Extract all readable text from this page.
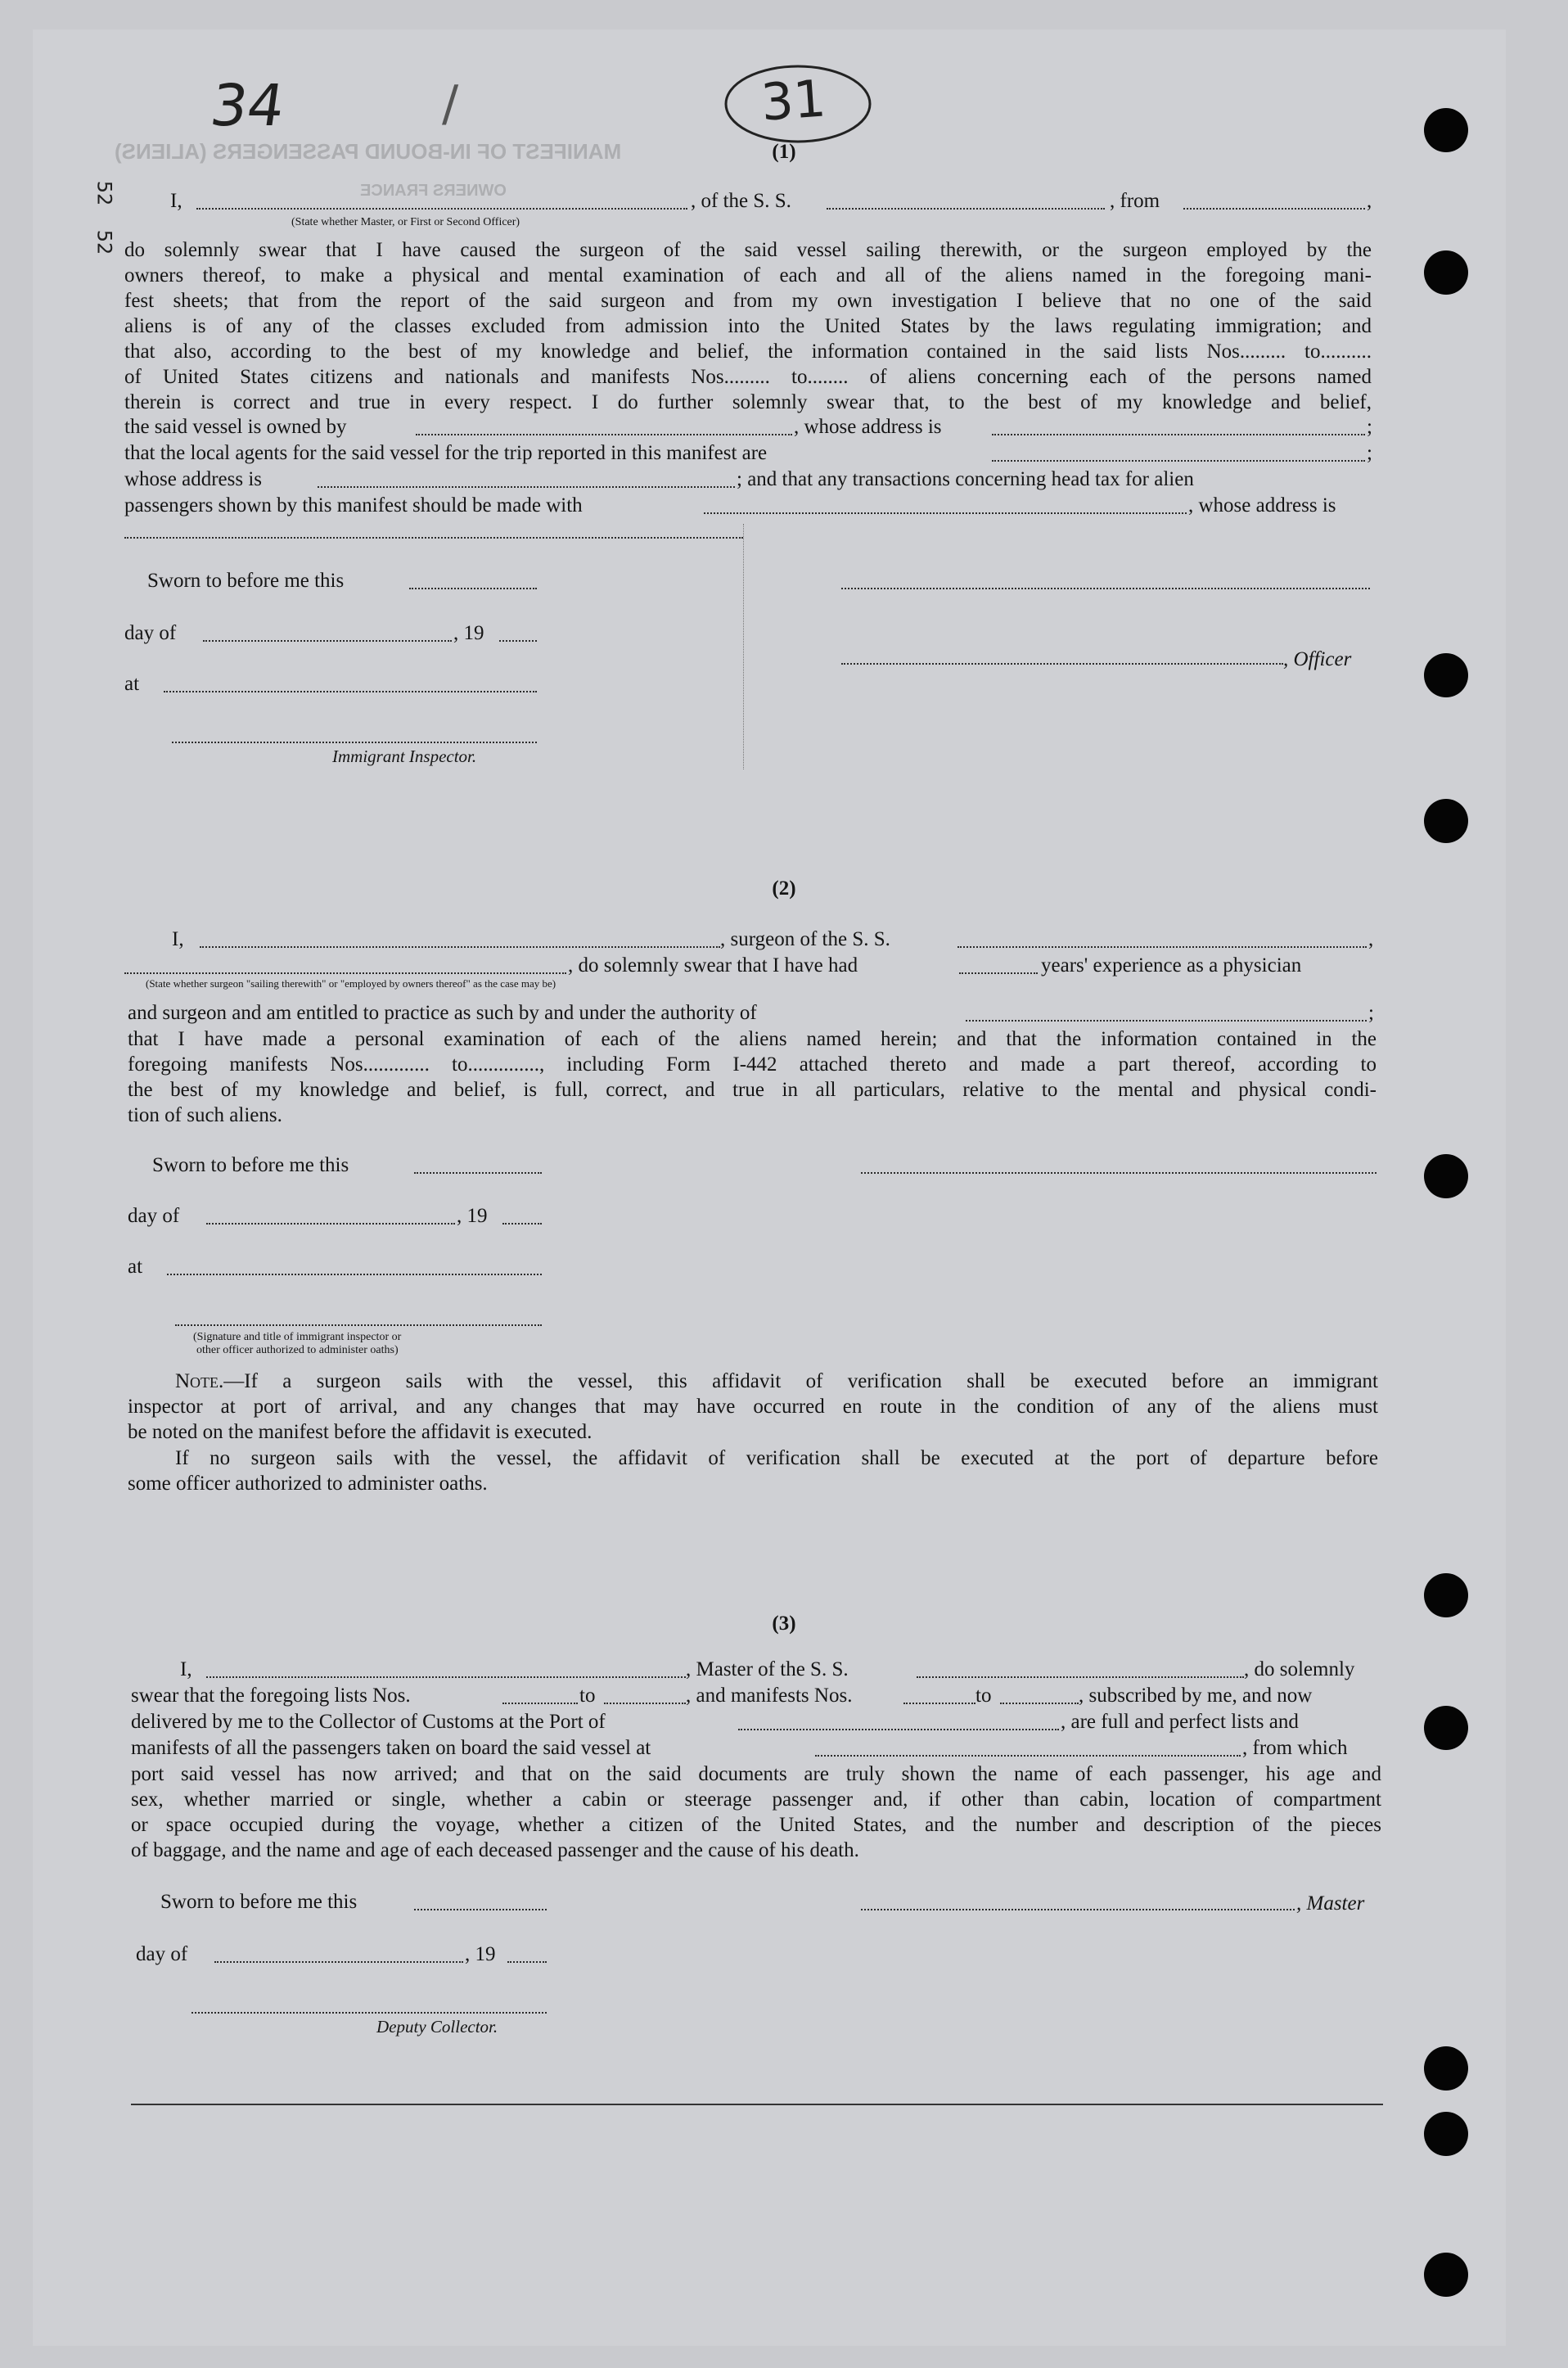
34	/	31
52
52
MANIFEST OF IN-BOUND PASSENGERS (ALIENS)
OWNERS FRANCE
(1)
I,	, of the S. S.	, from	,
(State whether Master, or First or Second Officer)
do solemnly swear that I have caused the surgeon of the said vessel sailing therewith, or the surgeon employed by the
owners thereof, to make a physical and mental examination of each and all of the aliens named in the foregoing mani-
fest sheets; that from the report of the said surgeon and from my own investigation I believe that no one of the said
aliens is of any of the classes excluded from admission into the United States by the laws regulating immigration; and
that also, according to the best of my knowledge and belief, the information contained in the said lists Nos......... to..........
of United States citizens and nationals and manifests Nos......... to........ of aliens concerning each of the persons named
therein is correct and true in every respect. I do further solemnly swear that, to the best of my knowledge and belief,
the said vessel is owned by	, whose address is	;
that the local agents for the said vessel for the trip reported in this manifest are	;
whose address is	; and that any transactions concerning head tax for alien
passengers shown by this manifest should be made with	, whose address is
Sworn to before me this
day of	, 19
, Officer
at
Immigrant Inspector.
(2)
I,	, surgeon of the S. S.	,
, do solemnly swear that I have had	years' experience as a physician
(State whether surgeon "sailing therewith" or "employed by owners thereof" as the case may be)
and surgeon and am entitled to practice as such by and under the authority of	;
that I have made a personal examination of each of the aliens named herein; and that the information contained in the
foregoing manifests Nos............. to.............., including Form I-442 attached thereto and made a part thereof, according to
the best of my knowledge and belief, is full, correct, and true in all particulars, relative to the mental and physical condi-
tion of such aliens.
Sworn to before me this
day of	, 19
at
(Signature and title of immigrant inspector or
other officer authorized to administer oaths)
Note.—If a surgeon sails with the vessel, this affidavit of verification shall be executed before an immigrant
inspector at port of arrival, and any changes that may have occurred en route in the condition of any of the aliens must
be noted on the manifest before the affidavit is executed.
If no surgeon sails with the vessel, the affidavit of verification shall be executed at the port of departure before
some officer authorized to administer oaths.
(3)
I,	, Master of the S. S.	, do solemnly
swear that the foregoing lists Nos.	to	, and manifests Nos.	to	, subscribed by me, and now
delivered by me to the Collector of Customs at the Port of	, are full and perfect lists and
manifests of all the passengers taken on board the said vessel at	, from which
port said vessel has now arrived; and that on the said documents are truly shown the name of each passenger, his age and
sex, whether married or single, whether a cabin or steerage passenger and, if other than cabin, location of compartment
or space occupied during the voyage, whether a citizen of the United States, and the number and description of the pieces
of baggage, and the name and age of each deceased passenger and the cause of his death.
Sworn to before me this	, Master
day of	, 19
Deputy Collector.
